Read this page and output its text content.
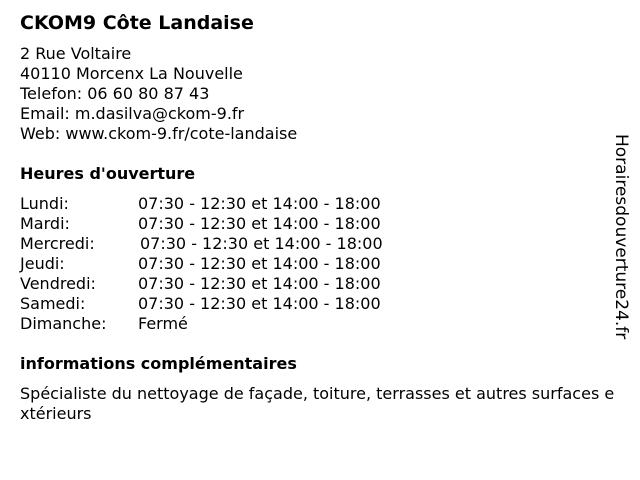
CKOM9 Côte Landaise
2 Rue Voltaire
40110 Morcenx La Nouvelle
Telefon: 06 60 80 87 43
Email: m.dasilva@ckom-9.fr
Web: www.ckom-9.fr/cote-landaise
Heures d'ouverture
Lundi:	07:30 - 12:30 et 14:00 - 18:00
Mardi:	07:30 - 12:30 et 14:00 - 18:00
Mercredi:	07:30 - 12:30 et 14:00 - 18:00
Jeudi:	07:30 - 12:30 et 14:00 - 18:00
Vendredi:	07:30 - 12:30 et 14:00 - 18:00
Samedi:	07:30 - 12:30 et 14:00 - 18:00
Dimanche: Fermé
informations complémentaires
Spécialiste du nettoyage de façade, toiture, terrasses et autres surfaces extérieurs
Horairesdouverture24.fr
